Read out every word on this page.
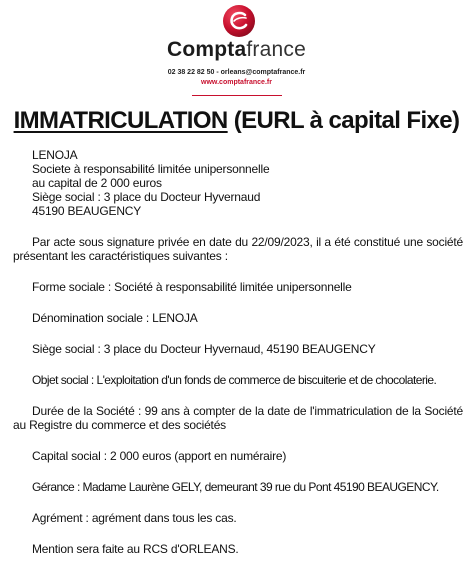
Comptafrance
02 38 22 82 50 - orleans@comptafrance.fr
www.comptafrance.fr
IMMATRICULATION (EURL à capital Fixe)
LENOJA
Societe à responsabilité limitée unipersonnelle
au capital de 2 000 euros
Siège social : 3 place du Docteur Hyvernaud
45190 BEAUGENCY

Par acte sous signature privée en date du 22/09/2023, il a été constitué une société présentant les caractéristiques suivantes :

Forme sociale : Société à responsabilité limitée unipersonnelle
Dénomination sociale : LENOJA
Siège social : 3 place du Docteur Hyvernaud, 45190 BEAUGENCY
Objet social : L'exploitation d'un fonds de commerce de biscuiterie et de chocolaterie.

Durée de la Société : 99 ans à compter de la date de l'immatriculation de la Société au Registre du commerce et des sociétés

Capital social : 2 000 euros (apport en numéraire)
Gérance : Madame Laurène GELY, demeurant 39 rue du Pont 45190 BEAUGENCY.
Agrément : agrément dans tous les cas.
Mention sera faite au RCS d'ORLEANS.
